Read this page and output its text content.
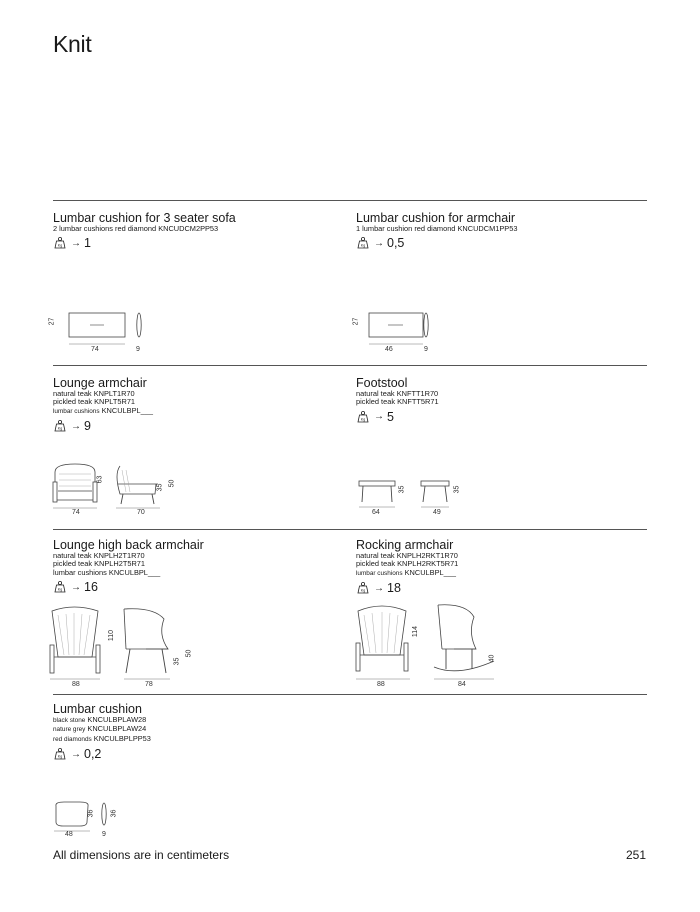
Knit
Lumbar cushion for 3 seater sofa
2 lumbar cushions red diamond KNCUDCM2PP53
Kg → 1
27
74	9
Lumbar cushion for armchair
1 lumbar cushion red diamond KNCUDCM1PP53
Kg → 0,5
27
46	9
Lounge armchair
natural teak KNPLT1R70
pickled teak KNPLT5R71
lumbar cushions KNCULBPL___
Kg → 9
63
35
50
74	70
Footstool
natural teak KNFTT1R70
pickled teak KNFTT5R71
Kg → 5
35	35
64	49
Lounge high back armchair
natural teak KNPLH2T1R70
pickled teak KNPLH2T5R71
lumbar cushions KNCULBPL___
Kg → 16
110
35
50
88	78
Rocking armchair
natural teak KNPLH2RKT1R70
pickled teak KNPLH2RKT5R71
lumbar cushions KNCULBPL___
Kg → 18
114
40
88	84
Lumbar cushion
black stone KNCULBPLAW28
nature grey KNCULBPLAW24
red diamonds KNCULBPLPP53
Kg → 0,2
36 36
48	9
All dimensions are in centimeters	251
